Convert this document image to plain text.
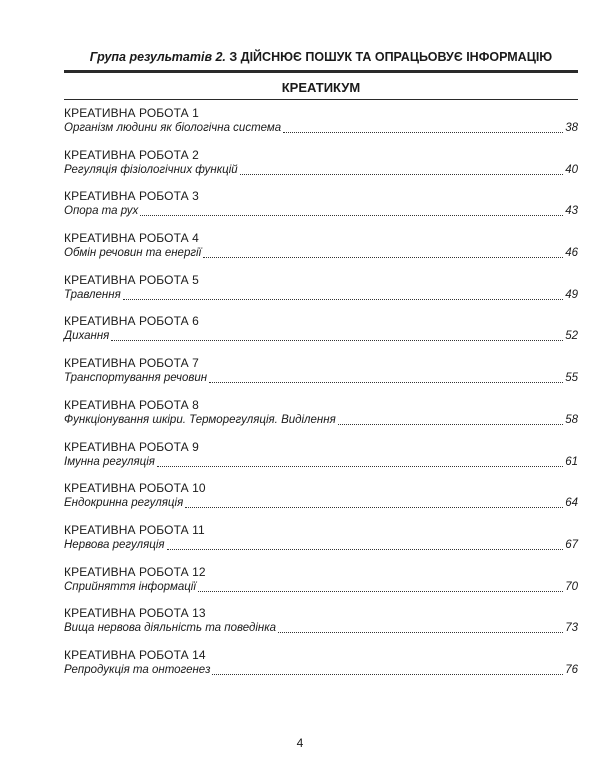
Група результатів 2. З ДІЙСНЮЄ ПОШУК ТА ОПРАЦЬОВУЄ ІНФОРМАЦІЮ
КРЕАТИКУМ
КРЕАТИВНА РОБОТА 1
Організм людини як біологічна система	38
КРЕАТИВНА РОБОТА 2
Регуляція фізіологічних функцій	40
КРЕАТИВНА РОБОТА 3
Опора та рух	43
КРЕАТИВНА РОБОТА 4
Обмін речовин та енергії	46
КРЕАТИВНА РОБОТА 5
Травлення	49
КРЕАТИВНА РОБОТА 6
Дихання	52
КРЕАТИВНА РОБОТА 7
Транспортування речовин	55
КРЕАТИВНА РОБОТА 8
Функціонування шкіри. Терморегуляція. Виділення	58
КРЕАТИВНА РОБОТА 9
Імунна регуляція	61
КРЕАТИВНА РОБОТА 10
Ендокринна регуляція	64
КРЕАТИВНА РОБОТА 11
Нервова регуляція	67
КРЕАТИВНА РОБОТА 12
Сприйняття інформації	70
КРЕАТИВНА РОБОТА 13
Вища нервова діяльність та поведінка	73
КРЕАТИВНА РОБОТА 14
Репродукція та онтогенез	76
4
